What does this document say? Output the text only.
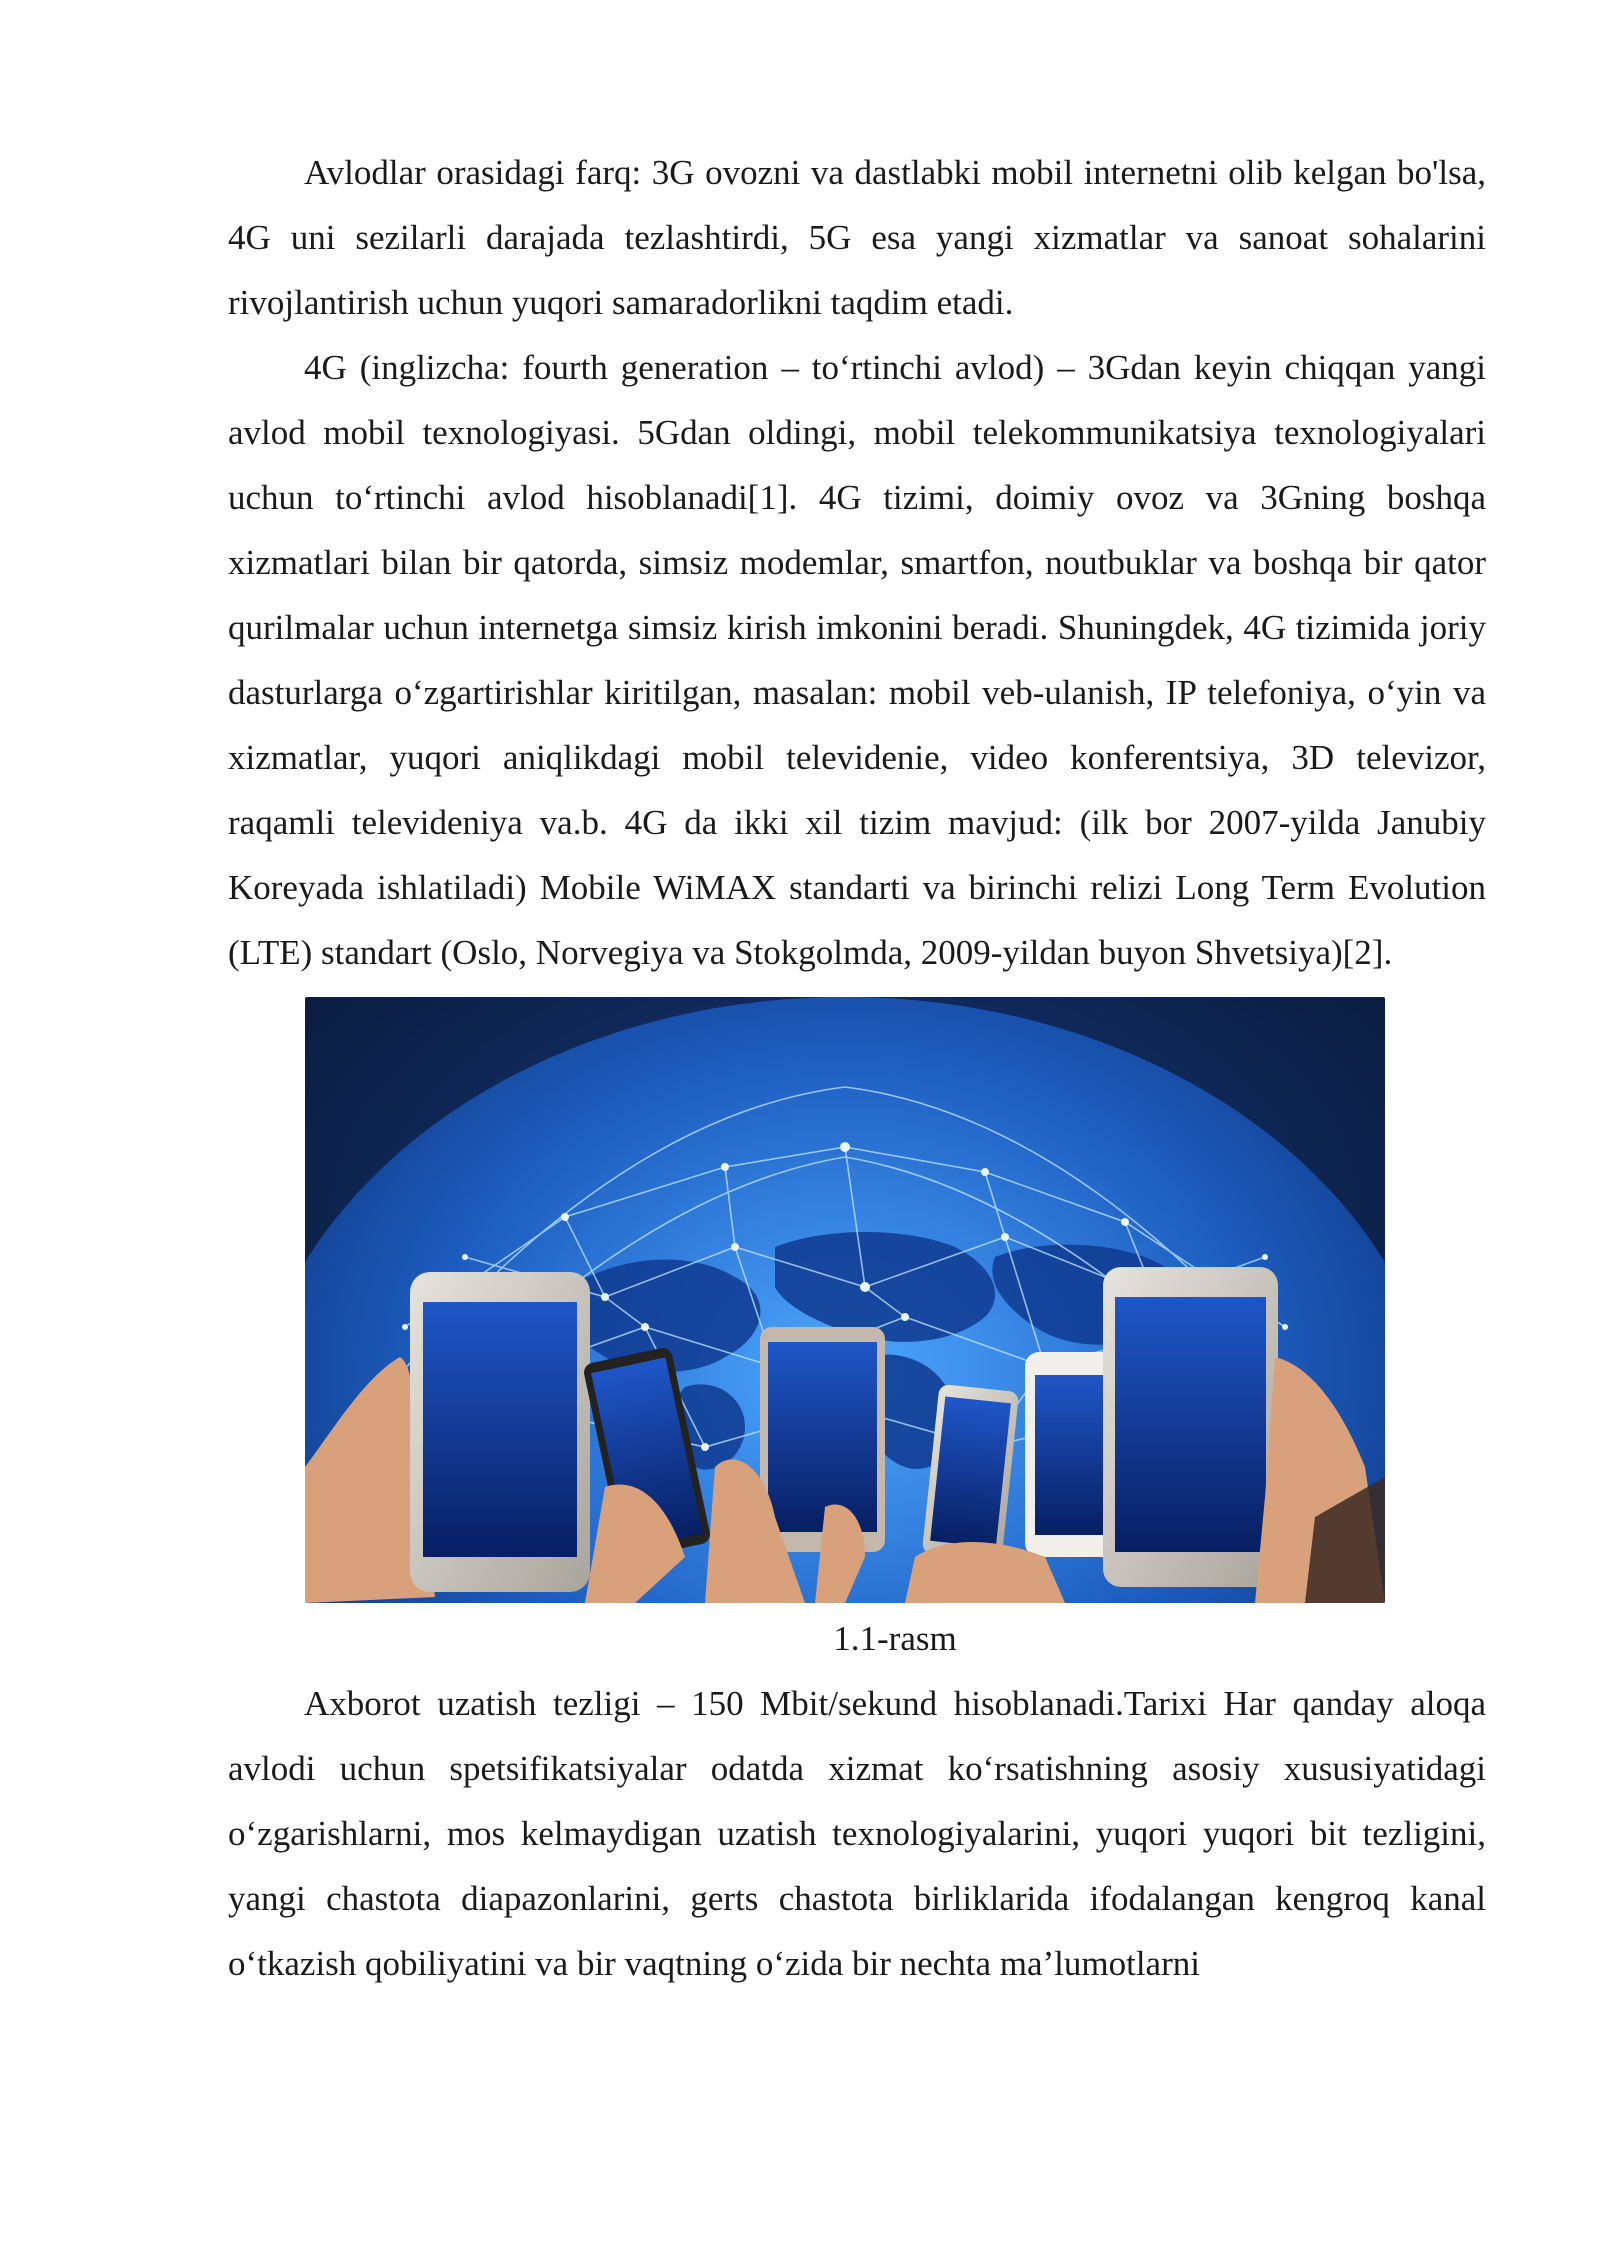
Avlodlar orasidagi farq: 3G ovozni va dastlabki mobil internetni olib kelgan bo'lsa, 4G uni sezilarli darajada tezlashtirdi, 5G esa yangi xizmatlar va sanoat sohalarini rivojlantirish uchun yuqori samaradorlikni taqdim etadi.

4G (inglizcha: fourth generation – to‘rtinchi avlod) – 3Gdan keyin chiqqan yangi avlod mobil texnologiyasi. 5Gdan oldingi, mobil telekommunikatsiya texnologiyalari uchun to‘rtinchi avlod hisoblanadi[1]. 4G tizimi, doimiy ovoz va 3Gning boshqa xizmatlari bilan bir qatorda, simsiz modemlar, smartfon, noutbuklar va boshqa bir qator qurilmalar uchun internetga simsiz kirish imkonini beradi. Shuningdek, 4G tizimida joriy dasturlarga o‘zgartirishlar kiritilgan, masalan: mobil veb-ulanish, IP telefoniya, o‘yin va xizmatlar, yuqori aniqlikdagi mobil televidenie, video konferentsiya, 3D televizor, raqamli televideniya va.b. 4G da ikki xil tizim mavjud: (ilk bor 2007-yilda Janubiy Koreyada ishlatiladi) Mobile WiMAX standarti va birinchi relizi Long Term Evolution (LTE) standart (Oslo, Norvegiya va Stokgolmda, 2009-yildan buyon Shvetsiya)[2].

1.1-rasm

Axborot uzatish tezligi – 150 Mbit/sekund hisoblanadi.Tarixi Har qanday aloqa avlodi uchun spetsifikatsiyalar odatda xizmat ko‘rsatishning asosiy xususiyatidagi o‘zgarishlarni, mos kelmaydigan uzatish texnologiyalarini, yuqori yuqori bit tezligini, yangi chastota diapazonlarini, gerts chastota birliklarida ifodalangan kengroq kanal o‘tkazish qobiliyatini va bir vaqtning o‘zida bir nechta ma’lumotlarni
